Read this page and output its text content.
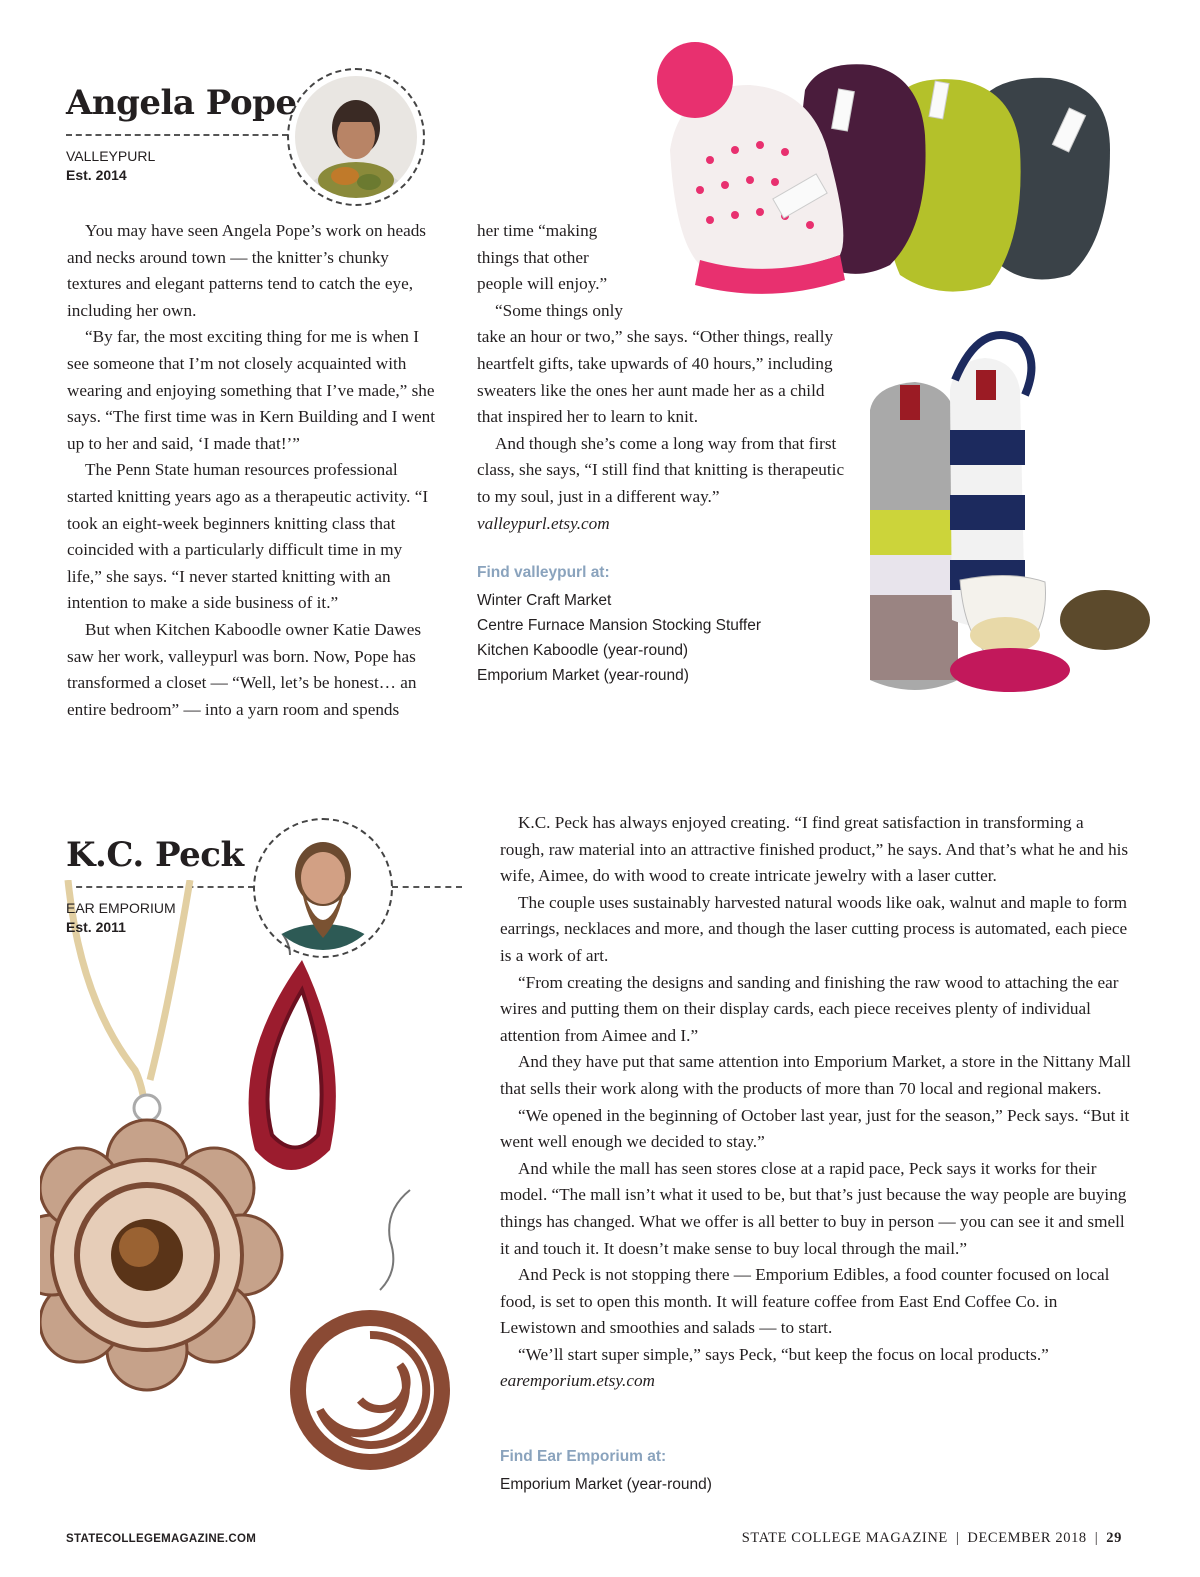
Angela Pope
VALLEYPURL
Est. 2014

You may have seen Angela Pope’s work on heads and necks around town — the knitter’s chunky textures and elegant patterns tend to catch the eye, including her own.

“By far, the most exciting thing for me is when I see someone that I’m not closely acquainted with wearing and enjoying something that I’ve made,” she says. “The first time was in Kern Building and I went up to her and said, ‘I made that!’”

The Penn State human resources professional started knitting years ago as a therapeutic activity. “I took an eight-week beginners knitting class that coincided with a particularly difficult time in my life,” she says. “I never started knitting with an intention to make a side business of it.”

But when Kitchen Kaboodle owner Katie Dawes saw her work, valleypurl was born. Now, Pope has transformed a closet — “Well, let’s be honest… an entire bedroom” — into a yarn room and spends

her time “making

things that other

people will enjoy.”

“Some things only

take an hour or two,” she says. “Other things, really heartfelt gifts, take upwards of 40 hours,” including sweaters like the ones her aunt made her as a child that inspired her to learn to knit.

And though she’s come a long way from that first class, she says, “I still find that knitting is therapeutic to my soul, just in a different way.”

valleypurl.etsy.com

Find valleypurl at:

Winter Craft Market
Centre Furnace Mansion Stocking Stuffer
Kitchen Kaboodle (year-round)
Emporium Market (year-round)
K.C. Peck
EAR EMPORIUM
Est. 2011

K.C. Peck has always enjoyed creating. “I find great satisfaction in transforming a rough, raw material into an attractive finished product,” he says. And that’s what he and his wife, Aimee, do with wood to create intricate jewelry with a laser cutter.

The couple uses sustainably harvested natural woods like oak, walnut and maple to form earrings, necklaces and more, and though the laser cutting process is automated, each piece is a work of art.

“From creating the designs and sanding and finishing the raw wood to attaching the ear wires and putting them on their display cards, each piece receives plenty of individual attention from Aimee and I.”

And they have put that same attention into Emporium Market, a store in the Nittany Mall that sells their work along with the products of more than 70 local and regional makers.

“We opened in the beginning of October last year, just for the season,” Peck says. “But it went well enough we decided to stay.”

And while the mall has seen stores close at a rapid pace, Peck says it works for their model. “The mall isn’t what it used to be, but that’s just because the way people are buying things has changed. What we offer is all better to buy in person — you can see it and smell it and touch it. It doesn’t make sense to buy local through the mail.”

And Peck is not stopping there — Emporium Edibles, a food counter focused on local food, is set to open this month. It will feature coffee from East End Coffee Co. in Lewistown and smoothies and salads — to start.

“We’ll start super simple,” says Peck, “but keep the focus on local products.”

earemporium.etsy.com

Find Ear Emporium at:

Emporium Market (year-round)
STATECOLLEGEMAGAZINE.COM	STATE COLLEGE MAGAZINE | DECEMBER 2018 | 29
